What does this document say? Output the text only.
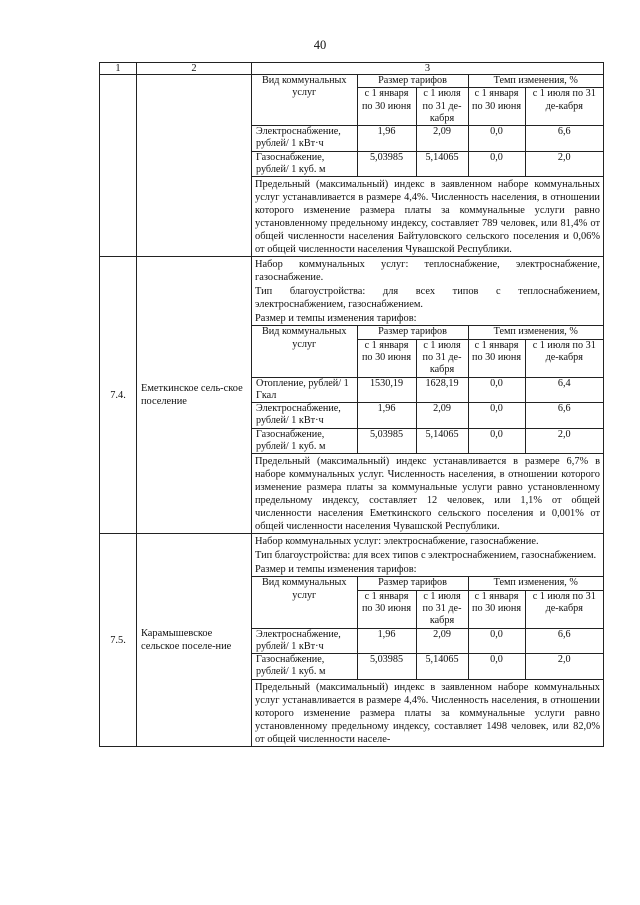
40
1	2	3

Вид коммунальных услуг	Размер тарифов	Темп изменения, %
с 1 января по 30 июня	с 1 июля по 31 де-кабря	с 1 января по 30 июня	с 1 июля по 31 де-кабря
Электроснабжение, рублей/ 1 кВт·ч	1,96	2,09	0,0	6,6
Газоснабжение, рублей/ 1 куб. м	5,03985	5,14065	0,0	2,0
Предельный (максимальный) индекс в заявленном наборе коммунальных услуг устанавливается в размере 4,4%. Численность населения, в отношении которого изменение размера платы за коммунальные услуги равно установленному предельному индексу, составляет 789 человек, или 81,4% от общей численности населения Байтуловского сельского поселения и 0,06% от общей численности населения Чувашской Республики.

7.4.	Еметкинское сель-ское поселение	
Набор коммунальных услуг: теплоснабжение, электроснабжение, газоснабжение.
Тип благоустройства: для всех типов с теплоснабжением, электроснабжением, газоснабжением.
Размер и темпы изменения тарифов:
Вид коммунальных услуг	Размер тарифов	Темп изменения, %
с 1 января по 30 июня	с 1 июля по 31 де-кабря	с 1 января по 30 июня	с 1 июля по 31 де-кабря
Отопление, рублей/ 1 Гкал	1530,19	1628,19	0,0	6,4
Электроснабжение, рублей/ 1 кВт·ч	1,96	2,09	0,0	6,6
Газоснабжение, рублей/ 1 куб. м	5,03985	5,14065	0,0	2,0
Предельный (максимальный) индекс устанавливается в размере 6,7% в наборе коммунальных услуг. Численность населения, в отношении которого изменение размера платы за коммунальные услуги равно установленному предельному индексу, составляет 12 человек, или 1,1% от общей численности населения Еметкинского сельского поселения и 0,001% от общей численности населения Чувашской Республики.

7.5.	Карамышевское сельское поселе-ние	
Набор коммунальных услуг: электроснабжение, газоснабжение.
Тип благоустройства: для всех типов с электроснабжением, газоснабжением.
Размер и темпы изменения тарифов:
Вид коммунальных услуг	Размер тарифов	Темп изменения, %
с 1 января по 30 июня	с 1 июля по 31 де-кабря	с 1 января по 30 июня	с 1 июля по 31 де-кабря
Электроснабжение, рублей/ 1 кВт·ч	1,96	2,09	0,0	6,6
Газоснабжение, рублей/ 1 куб. м	5,03985	5,14065	0,0	2,0
Предельный (максимальный) индекс в заявленном наборе коммунальных услуг устанавливается в размере 4,4%. Численность населения, в отношении которого изменение размера платы за коммунальные услуги равно установленному предельному индексу, составляет 1498 человек, или 82,0% от общей численности населе-
